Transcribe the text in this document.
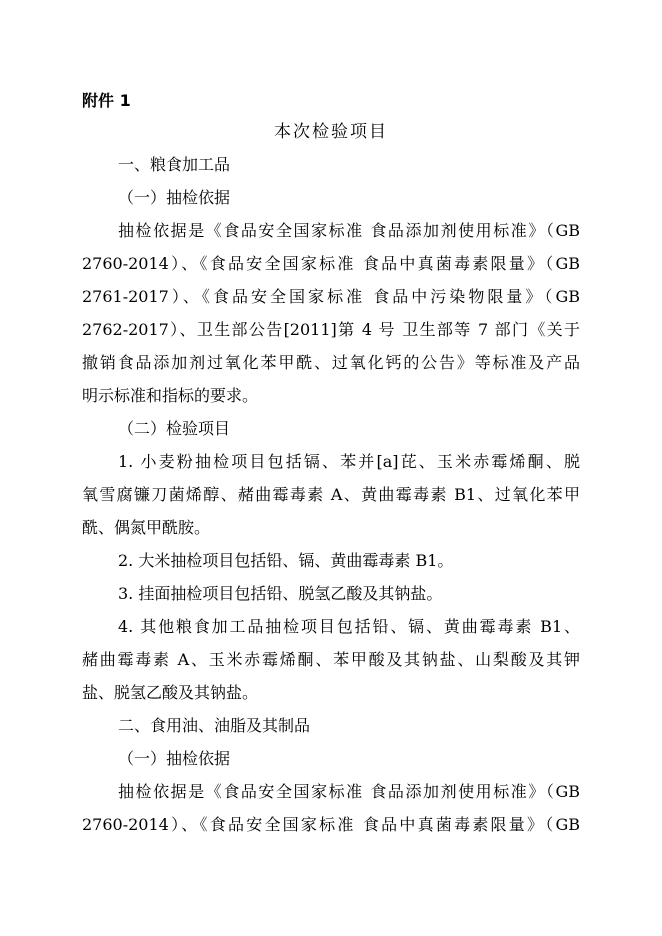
附件 1
本次检验项目
一、粮食加工品
（一）抽检依据
抽检依据是《食品安全国家标准 食品添加剂使用标准》（GB
2760-2014）、《食品安全国家标准 食品中真菌毒素限量》（GB
2761-2017）、《食品安全国家标准 食品中污染物限量》（GB
2762-2017）、卫生部公告[2011]第 4 号 卫生部等 7 部门《关于
撤销食品添加剂过氧化苯甲酰、过氧化钙的公告》等标准及产品
明示标准和指标的要求。
（二）检验项目
1. 小麦粉抽检项目包括镉、苯并[a]芘、玉米赤霉烯酮、脱
氧雪腐镰刀菌烯醇、赭曲霉毒素 A、黄曲霉毒素 B1、过氧化苯甲
酰、偶氮甲酰胺。
2. 大米抽检项目包括铅、镉、黄曲霉毒素 B1。
3. 挂面抽检项目包括铅、脱氢乙酸及其钠盐。
4. 其他粮食加工品抽检项目包括铅、镉、黄曲霉毒素 B1、
赭曲霉毒素 A、玉米赤霉烯酮、苯甲酸及其钠盐、山梨酸及其钾
盐、脱氢乙酸及其钠盐。
二、食用油、油脂及其制品
（一）抽检依据
抽检依据是《食品安全国家标准 食品添加剂使用标准》（GB
2760-2014）、《食品安全国家标准 食品中真菌毒素限量》（GB
